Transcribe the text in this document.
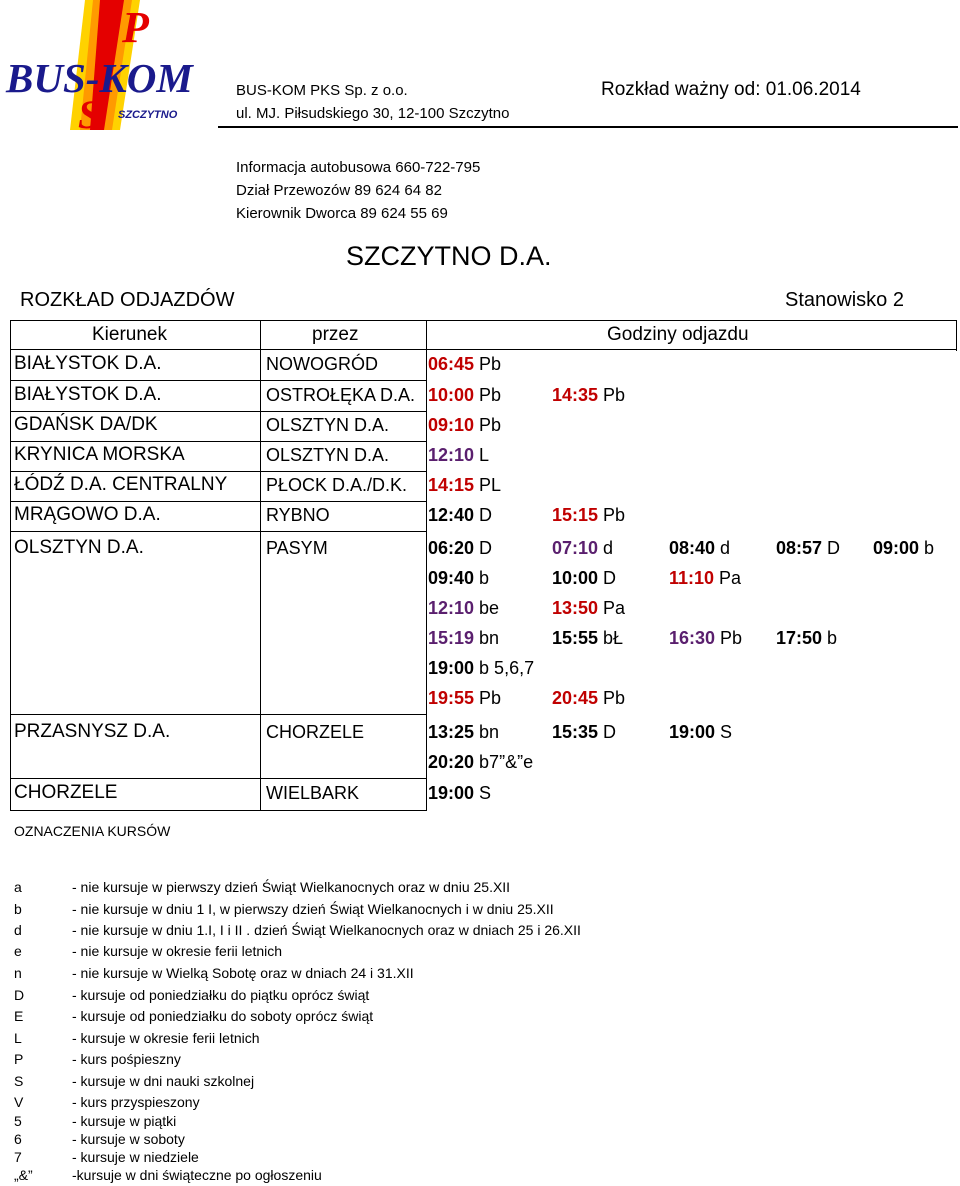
P
BUS-KOM
S SZCZYTNO
BUS-KOM PKS Sp. z o.o.
ul. MJ. Piłsudskiego 30, 12-100 Szczytno
Rozkład ważny od: 01.06.2014
Informacja autobusowa 660-722-795
Dział Przewozów 89 624 64 82
Kierownik Dworca 89 624 55 69
SZCZYTNO D.A.
ROZKŁAD ODJAZDÓW	Stanowisko 2
Kierunek	przez	Godziny odjazdu
BIAŁYSTOK D.A.	NOWOGRÓD	06:45 Pb
BIAŁYSTOK D.A.	OSTROŁĘKA D.A. 10:00 Pb	14:35 Pb
GDAŃSK DA/DK	OLSZTYN D.A. 09:10 Pb
KRYNICA MORSKA	OLSZTYN D.A. 12:10 L
ŁÓDŹ D.A. CENTRALNY PŁOCK D.A./D.K. 14:15 PL
MRĄGOWO D.A.	RYBNO	12:40 D	15:15 Pb
OLSZTYN D.A.	PASYM	06:20 D	07:10 d	08:40 d	08:57 D 09:00 b
09:40 b	10:00 D	11:10 Pa
12:10 be	13:50 Pa
15:19 bn	15:55 bŁ	16:30 Pb 17:50 b
19:00 b 5,6,7
19:55 Pb	20:45 Pb
PRZASNYSZ D.A.	CHORZELE	13:25 bn	15:35 D	19:00 S
20:20 b7”&”e
CHORZELE	WIELBARK	19:00 S
OZNACZENIA KURSÓW
a	- nie kursuje w pierwszy dzień Świąt Wielkanocnych oraz w dniu 25.XII
b	- nie kursuje w dniu 1 I, w pierwszy dzień Świąt Wielkanocnych i w dniu 25.XII
d	- nie kursuje w dniu 1.I, I i II . dzień Świąt Wielkanocnych oraz w dniach 25 i 26.XII
e	- nie kursuje w okresie ferii letnich
n	- nie kursuje w Wielką Sobotę oraz w dniach 24 i 31.XII
D	- kursuje od poniedziałku do piątku oprócz świąt
E	- kursuje od poniedziałku do soboty oprócz świąt
L	- kursuje w okresie ferii letnich
P	- kurs pośpieszny
S	- kursuje w dni nauki szkolnej
V	- kurs przyspieszony
5	- kursuje w piątki
6	- kursuje w soboty
7	- kursuje w niedziele
„&”	-kursuje w dni świąteczne po ogłoszeniu
